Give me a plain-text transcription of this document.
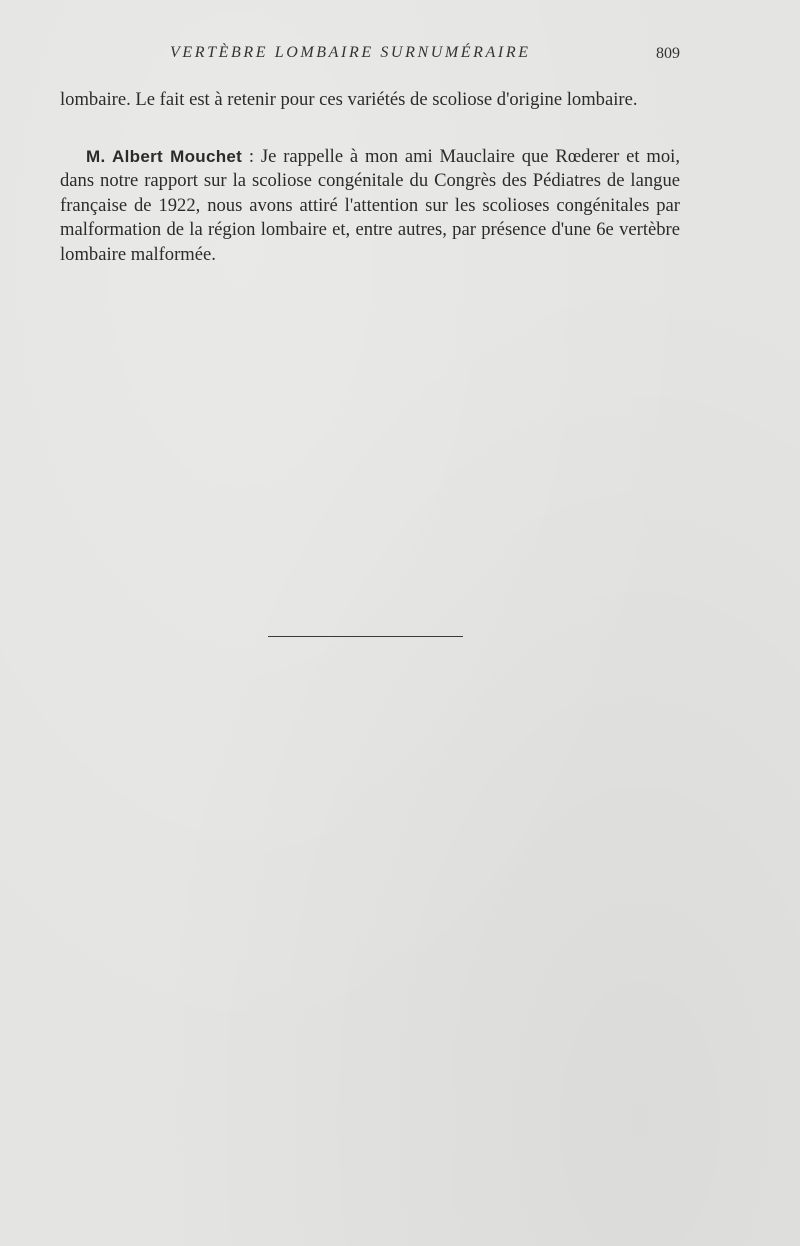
VERTÈBRE LOMBAIRE SURNUMÉRAIRE	809

lombaire. Le fait est à retenir pour ces variétés de scoliose d'origine lombaire.

M. Albert Mouchet : Je rappelle à mon ami Mauclaire que Rœderer et moi, dans notre rapport sur la scoliose congénitale du Congrès des Pédiatres de langue française de 1922, nous avons attiré l'attention sur les scolioses congénitales par malformation de la région lombaire et, entre autres, par présence d'une 6e vertèbre lombaire malformée.
